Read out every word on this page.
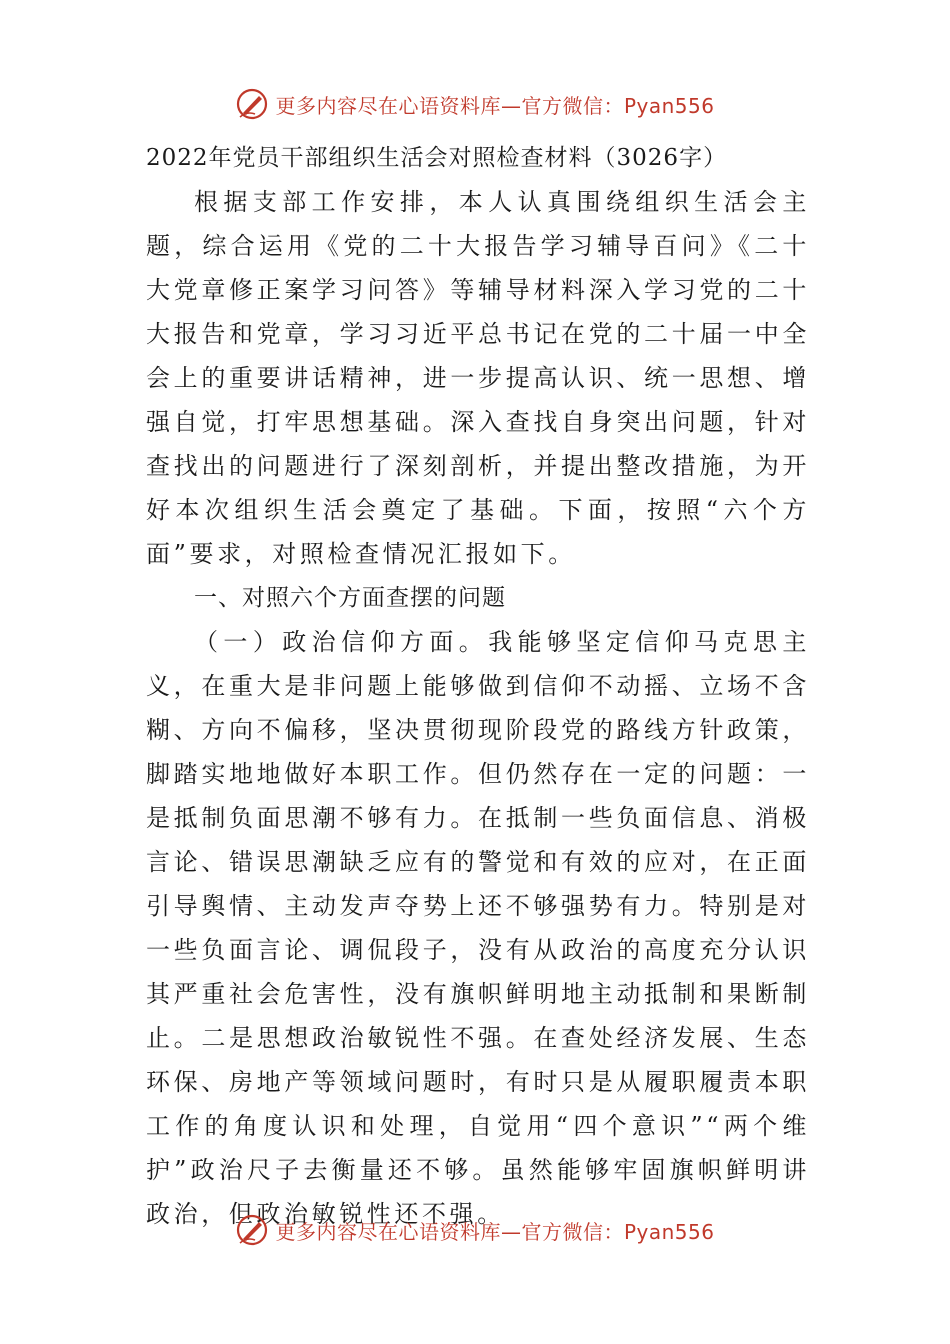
更多内容尽在心语资料库—官方微信：Pyan556
2022年党员干部组织生活会对照检查材料（3026字）

根据支部工作安排，本人认真围绕组织生活会主题，综合运用《党的二十大报告学习辅导百问》《二十大党章修正案学习问答》等辅导材料深入学习党的二十大报告和党章，学习习近平总书记在党的二十届一中全会上的重要讲话精神，进一步提高认识、统一思想、增强自觉，打牢思想基础。深入查找自身突出问题，针对查找出的问题进行了深刻剖析，并提出整改措施，为开好本次组织生活会奠定了基础。下面，按照“六个方面”要求，对照检查情况汇报如下。

一、对照六个方面查摆的问题

（一）政治信仰方面。我能够坚定信仰马克思主义，在重大是非问题上能够做到信仰不动摇、立场不含糊、方向不偏移，坚决贯彻现阶段党的路线方针政策，脚踏实地地做好本职工作。但仍然存在一定的问题：一是抵制负面思潮不够有力。在抵制一些负面信息、消极言论、错误思潮缺乏应有的警觉和有效的应对，在正面引导舆情、主动发声夺势上还不够强势有力。特别是对一些负面言论、调侃段子，没有从政治的高度充分认识其严重社会危害性，没有旗帜鲜明地主动抵制和果断制止。二是思想政治敏锐性不强。在查处经济发展、生态环保、房地产等领域问题时，有时只是从履职履责本职工作的角度认识和处理，自觉用“四个意识”“两个维护”政治尺子去衡量还不够。虽然能够牢固旗帜鲜明讲政治，但政治敏锐性还不强。

更多内容尽在心语资料库—官方微信：Pyan556
